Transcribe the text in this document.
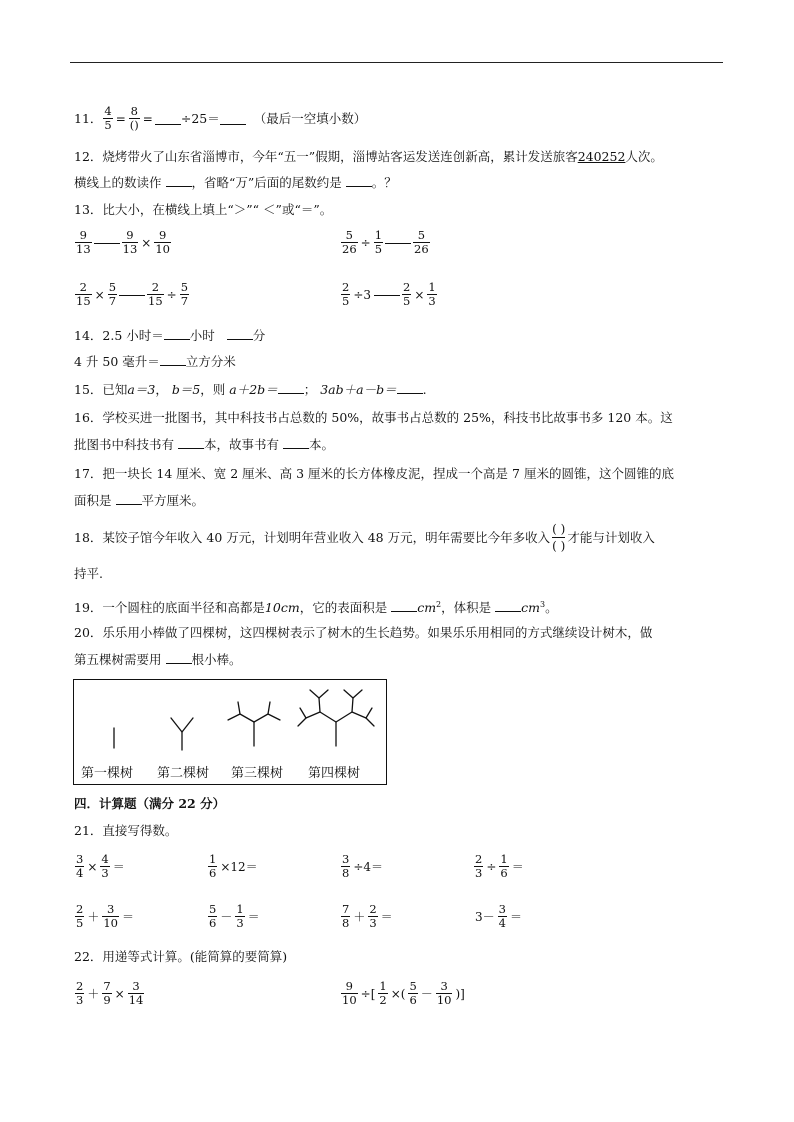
11． $\frac{4}{5} = \frac{8}{()} = \div 25=$	（最后一空填小数）
12．烧烤带火了山东省淄博市，今年“五一”假期，淄博站客运发送连创新高，累计发送旅客240252人次。
横线上的数读作 ，省略“万”后面的尾数约是 。？
13．比大小，在横线上填上“＞”“ ＜”或“＝”。
$\frac{9}{13}$	$\frac{9}{13} \times \frac{9}{10}$	$\frac{5}{26} \div \frac{1}{5}$	$\frac{5}{26}$
$\frac{2}{15} \times \frac{5}{7}$	$\frac{2}{15} \div \frac{5}{7}$	$\frac{2}{5} \div 3$	$\frac{2}{5} \times \frac{1}{3}$
14．2.5 小时＝ 小时	分
4 升 50 毫升＝ 立方分米
15．已知a＝3， b＝5，则 a＋2b＝ ； 3ab＋a－b＝ .
16．学校买进一批图书，其中科技书占总数的 50%，故事书占总数的 25%，科技书比故事书多 120 本。这
批图书中科技书有 本，故事书有 本。
17．把一块长 14 厘米、宽 2 厘米、高 3 厘米的长方体橡皮泥，捏成一个高是 7 厘米的圆锥，这个圆锥的底
面积是 平方厘米。
18．某饺子馆今年收入 40 万元，计划明年营业收入 48 万元，明年需要比今年多收入 $\frac{( )}{( )}$ 才能与计划收入
持平.
19．一个圆柱的底面半径和高都是10cm，它的表面积是 $cm^2$，体积是 $cm^3$。
20．乐乐用小棒做了四棵树，这四棵树表示了树木的生长趋势。如果乐乐用相同的方式继续设计树木，做
第五棵树需要用 根小棒。
第一棵树 第二棵树 第三棵树 第四棵树
四．计算题（满分 22 分）
21．直接写得数。
$\frac{3}{4} \times \frac{4}{3}$ ＝	$\frac{1}{6} \times 12=$	$\frac{3}{8} \div 4=$	$\frac{2}{3} \div \frac{1}{6}$ ＝
$\frac{2}{5} + \frac{3}{10}$ ＝	$\frac{5}{6} - \frac{1}{3}$ ＝	$\frac{7}{8} + \frac{2}{3}$ ＝	$3- \frac{3}{4}$ ＝
22．用递等式计算。(能简算的要简算)
$\frac{2}{3} + \frac{7}{9} \times \frac{3}{14}$	$\frac{9}{10}$ ÷[ $\frac{1}{2}$ ×( $\frac{5}{6} - \frac{3}{10}$ )]
